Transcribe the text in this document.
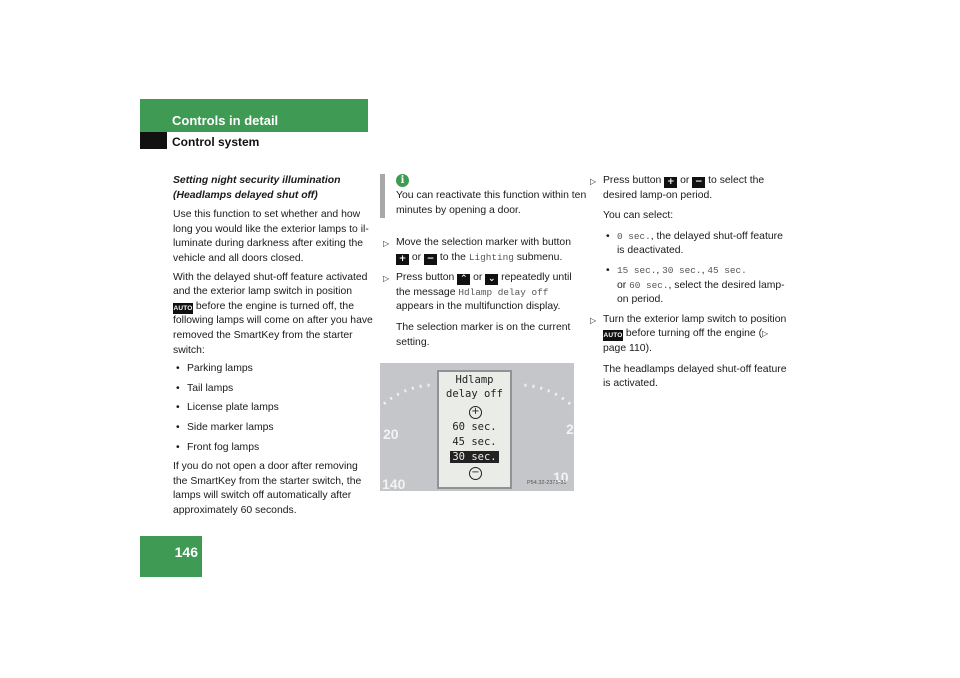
Controls in detail
Control system
146
Setting night security illumination (Headlamps delayed shut off)
Use this function to set whether and how long you would like the exterior lamps to il-luminate during darkness after exiting the vehicle and all doors closed.
With the delayed shut-off feature activated and the exterior lamp switch in position AUTO before the engine is turned off, the following lamps will come on after you have removed the SmartKey from the starter switch:
• Parking lamps
• Tail lamps
• License plate lamps
• Side marker lamps
• Front fog lamps
If you do not open a door after removing the SmartKey from the starter switch, the lamps will switch off automatically after approximately 60 seconds.
i
You can reactivate this function within ten minutes by opening a door.
▷ Move the selection marker with button + or − to the Lighting submenu.
▷ Press button ⌃ or ⌄ repeatedly until the message Hdlamp delay off appears in the multifunction display.
The selection marker is on the current setting.
20
140
2
10
Hdlamp
delay off
+
60 sec.
45 sec.
30 sec.
−
P54.32-2375-31
▷ Press button + or − to select the desired lamp-on period.
You can select:
• 0 sec., the delayed shut-off feature is deactivated.
• 15 sec., 30 sec., 45 sec.
or 60 sec., select the desired lamp-on period.
▷ Turn the exterior lamp switch to position AUTO before turning off the engine (▷ page 110).
The headlamps delayed shut-off feature is activated.
